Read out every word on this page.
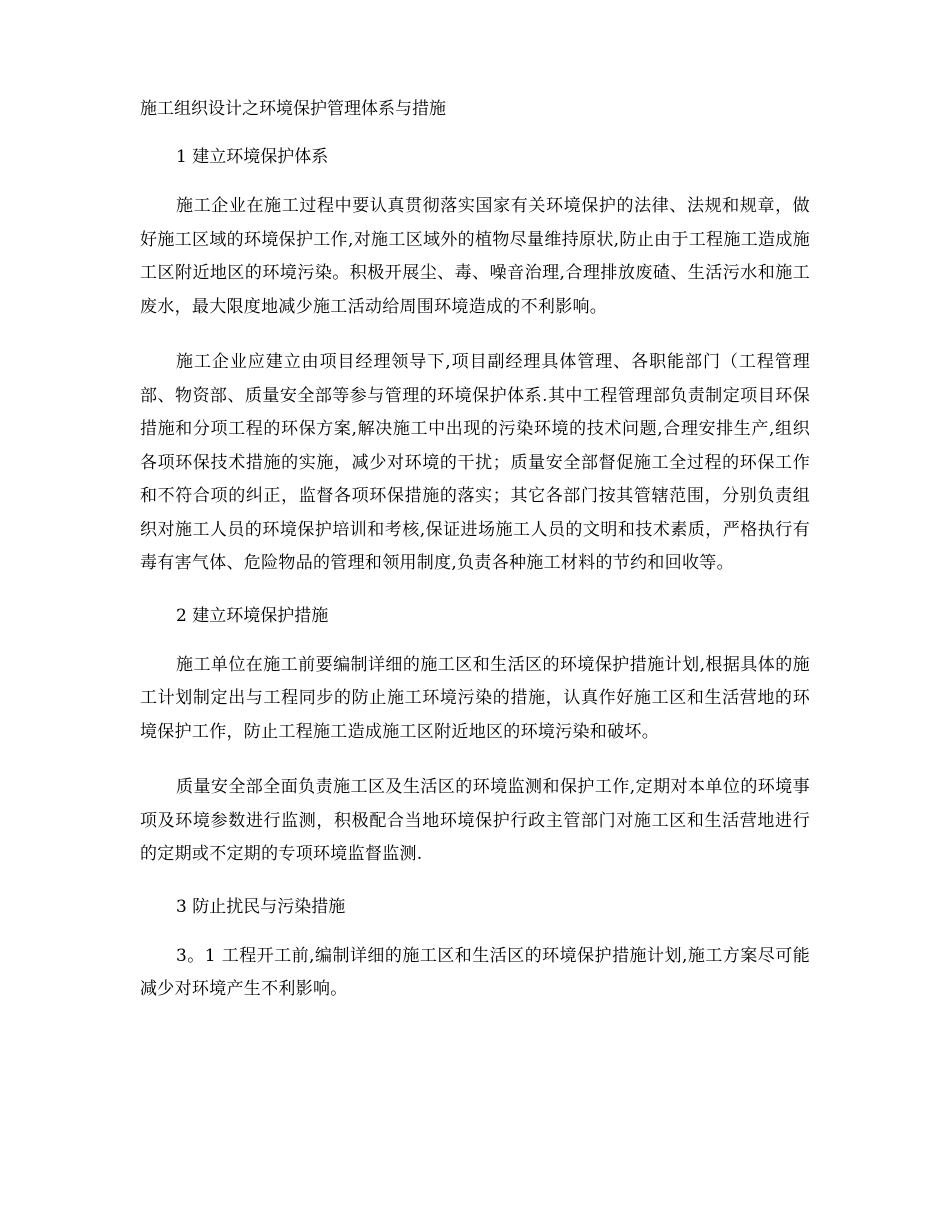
施工组织设计之环境保护管理体系与措施
1 建立环境保护体系

施工企业在施工过程中要认真贯彻落实国家有关环境保护的法律、法规和规章，做好施工区域的环境保护工作,对施工区域外的植物尽量维持原状,防止由于工程施工造成施工区附近地区的环境污染。积极开展尘、毒、噪音治理,合理排放废碴、生活污水和施工废水，最大限度地减少施工活动给周围环境造成的不利影响。

施工企业应建立由项目经理领导下,项目副经理具体管理、各职能部门（工程管理部、物资部、质量安全部等参与管理的环境保护体系.其中工程管理部负责制定项目环保措施和分项工程的环保方案,解决施工中出现的污染环境的技术问题,合理安排生产,组织各项环保技术措施的实施，减少对环境的干扰；质量安全部督促施工全过程的环保工作和不符合项的纠正，监督各项环保措施的落实；其它各部门按其管辖范围，分别负责组织对施工人员的环境保护培训和考核,保证进场施工人员的文明和技术素质，严格执行有毒有害气体、危险物品的管理和领用制度,负责各种施工材料的节约和回收等。

2 建立环境保护措施

施工单位在施工前要编制详细的施工区和生活区的环境保护措施计划,根据具体的施工计划制定出与工程同步的防止施工环境污染的措施，认真作好施工区和生活营地的环境保护工作，防止工程施工造成施工区附近地区的环境污染和破坏。

质量安全部全面负责施工区及生活区的环境监测和保护工作,定期对本单位的环境事项及环境参数进行监测，积极配合当地环境保护行政主管部门对施工区和生活营地进行的定期或不定期的专项环境监督监测.

3 防止扰民与污染措施

3。1 工程开工前,编制详细的施工区和生活区的环境保护措施计划,施工方案尽可能减少对环境产生不利影响。
